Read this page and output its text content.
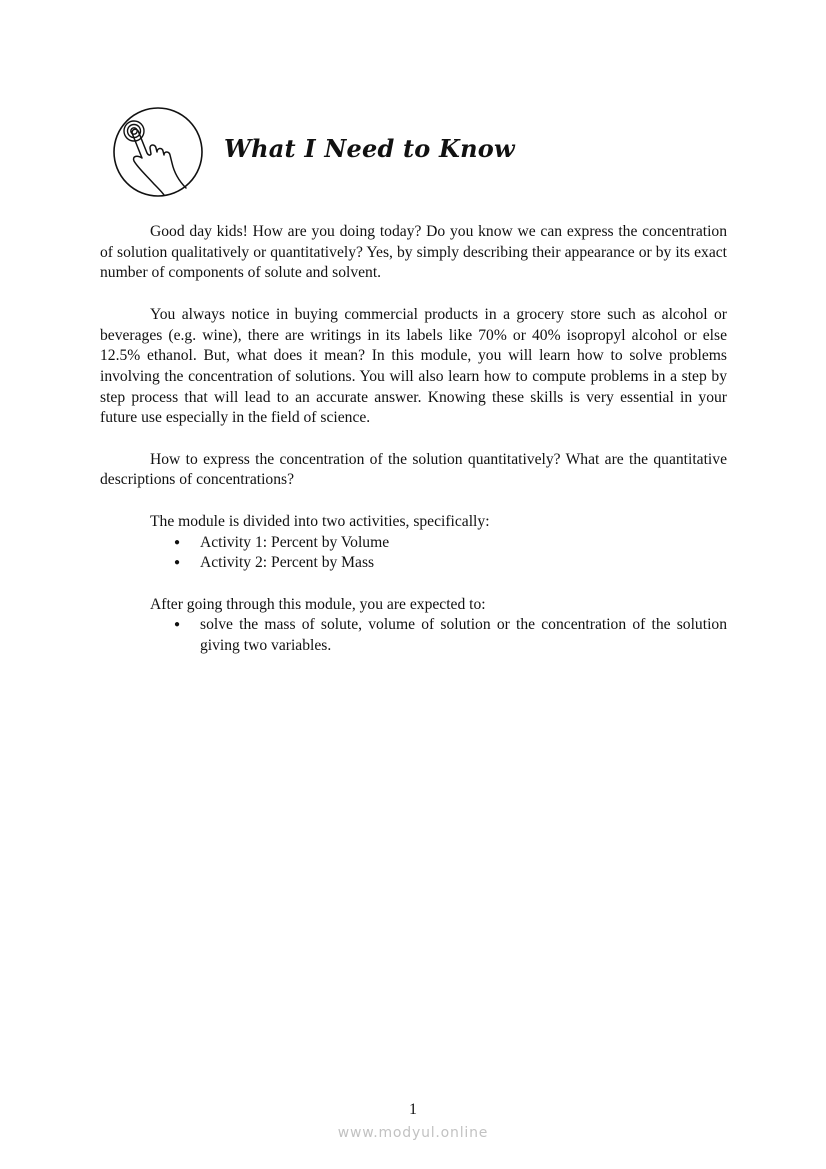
What I Need to Know

Good day kids! How are you doing today? Do you know we can express the concentration of solution qualitatively or quantitatively? Yes, by simply describing their appearance or by its exact number of components of solute and solvent.

You always notice in buying commercial products in a grocery store such as alcohol or beverages (e.g. wine), there are writings in its labels like 70% or 40% isopropyl alcohol or else 12.5% ethanol. But, what does it mean? In this module, you will learn how to solve problems involving the concentration of solutions. You will also learn how to compute problems in a step by step process that will lead to an accurate answer. Knowing these skills is very essential in your future use especially in the field of science.

How to express the concentration of the solution quantitatively? What are the quantitative descriptions of concentrations?

The module is divided into two activities, specifically:

● Activity 1: Percent by Volume
● Activity 2: Percent by Mass

After going through this module, you are expected to:

● solve the mass of solute, volume of solution or the concentration of the solution giving two variables.
1
www.modyul.online
